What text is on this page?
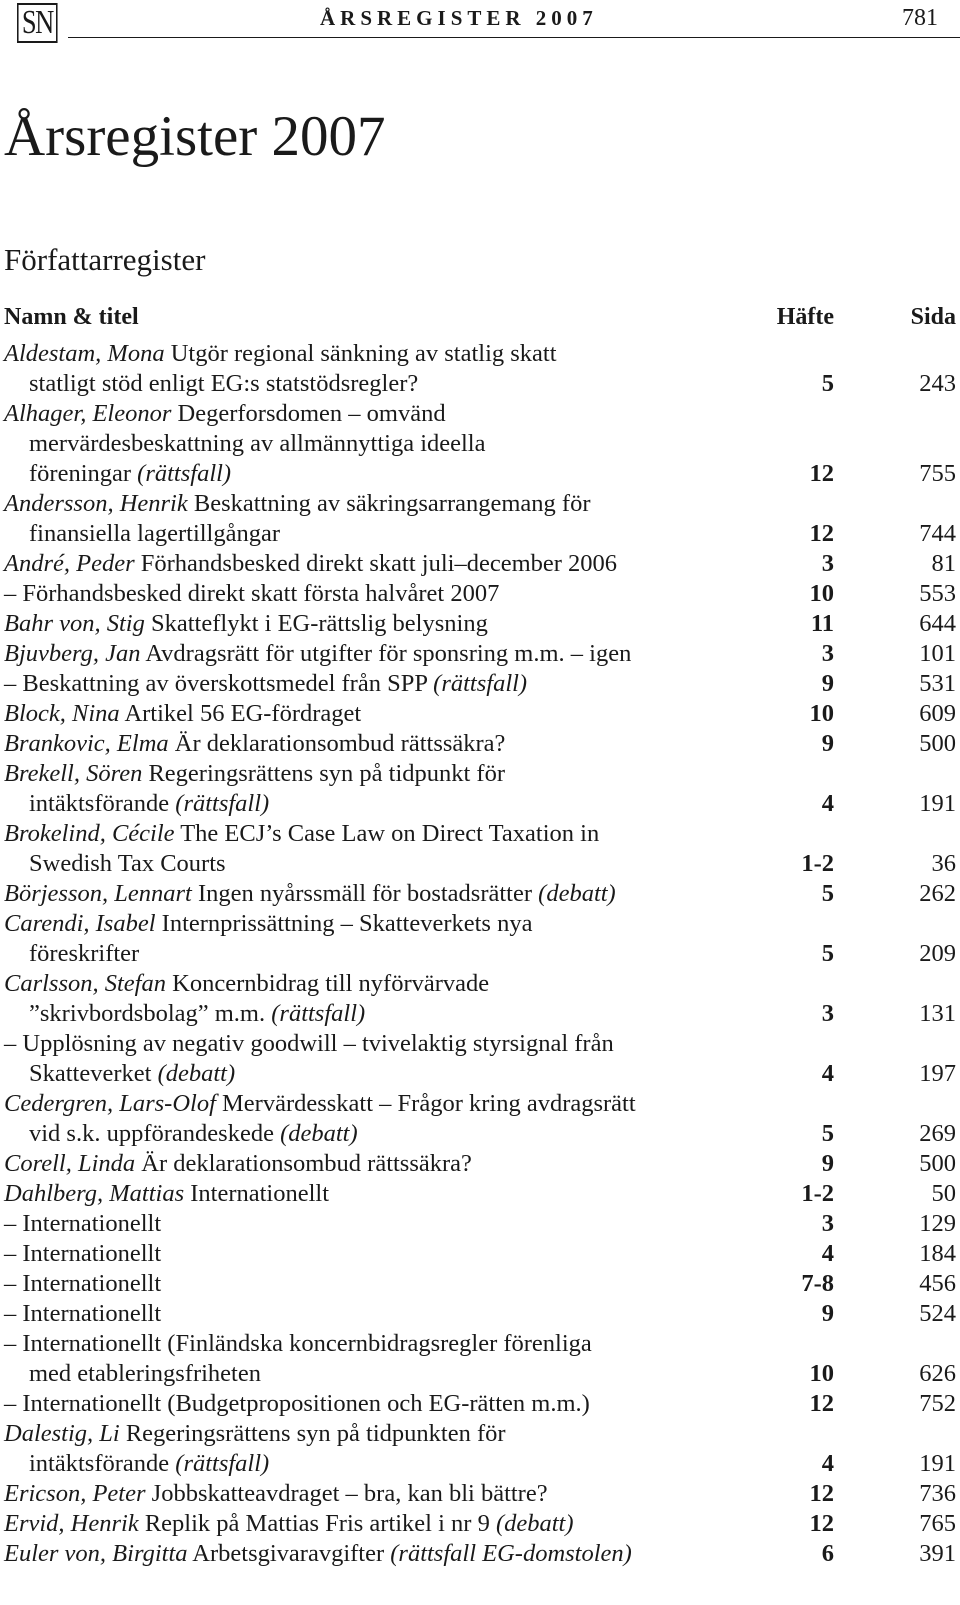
SN	ÅRSREGISTER 2007	781
Årsregister 2007
Författarregister
Namn & titel	Häfte	Sida
Aldestam, Mona Utgör regional sänkning av statlig skatt
statligt stöd enligt EG:s statstödsregler?	5	243
Alhager, Eleonor Degerforsdomen – omvänd
mervärdesbeskattning av allmännyttiga ideella
föreningar (rättsfall)	12	755
Andersson, Henrik Beskattning av säkringsarrangemang för
finansiella lagertillgångar	12	744
André, Peder Förhandsbesked direkt skatt juli–december 2006	3	81
– Förhandsbesked direkt skatt första halvåret 2007	10	553
Bahr von, Stig Skatteflykt i EG-rättslig belysning	11	644
Bjuvberg, Jan Avdragsrätt för utgifter för sponsring m.m. – igen	3	101
– Beskattning av överskottsmedel från SPP (rättsfall)	9	531
Block, Nina Artikel 56 EG-fördraget	10	609
Brankovic, Elma Är deklarationsombud rättssäkra?	9	500
Brekell, Sören Regeringsrättens syn på tidpunkt för
intäktsförande (rättsfall)	4	191
Brokelind, Cécile The ECJ’s Case Law on Direct Taxation in
Swedish Tax Courts	1-2	36
Börjesson, Lennart Ingen nyårssmäll för bostadsrätter (debatt)	5	262
Carendi, Isabel Internprissättning – Skatteverkets nya
föreskrifter	5	209
Carlsson, Stefan Koncernbidrag till nyförvärvade
”skrivbordsbolag” m.m. (rättsfall)	3	131
– Upplösning av negativ goodwill – tvivelaktig styrsignal från
Skatteverket (debatt)	4	197
Cedergren, Lars-Olof Mervärdesskatt – Frågor kring avdragsrätt
vid s.k. uppförandeskede (debatt)	5	269
Corell, Linda Är deklarationsombud rättssäkra?	9	500
Dahlberg, Mattias Internationellt	1-2	50
– Internationellt	3	129
– Internationellt	4	184
– Internationellt	7-8	456
– Internationellt	9	524
– Internationellt (Finländska koncernbidragsregler förenliga
med etableringsfriheten	10	626
– Internationellt (Budgetpropositionen och EG-rätten m.m.)	12	752
Dalestig, Li Regeringsrättens syn på tidpunkten för
intäktsförande (rättsfall)	4	191
Ericson, Peter Jobbskatteavdraget – bra, kan bli bättre?	12	736
Ervid, Henrik Replik på Mattias Fris artikel i nr 9 (debatt)	12	765
Euler von, Birgitta Arbetsgivaravgifter (rättsfall EG-domstolen)	6	391
